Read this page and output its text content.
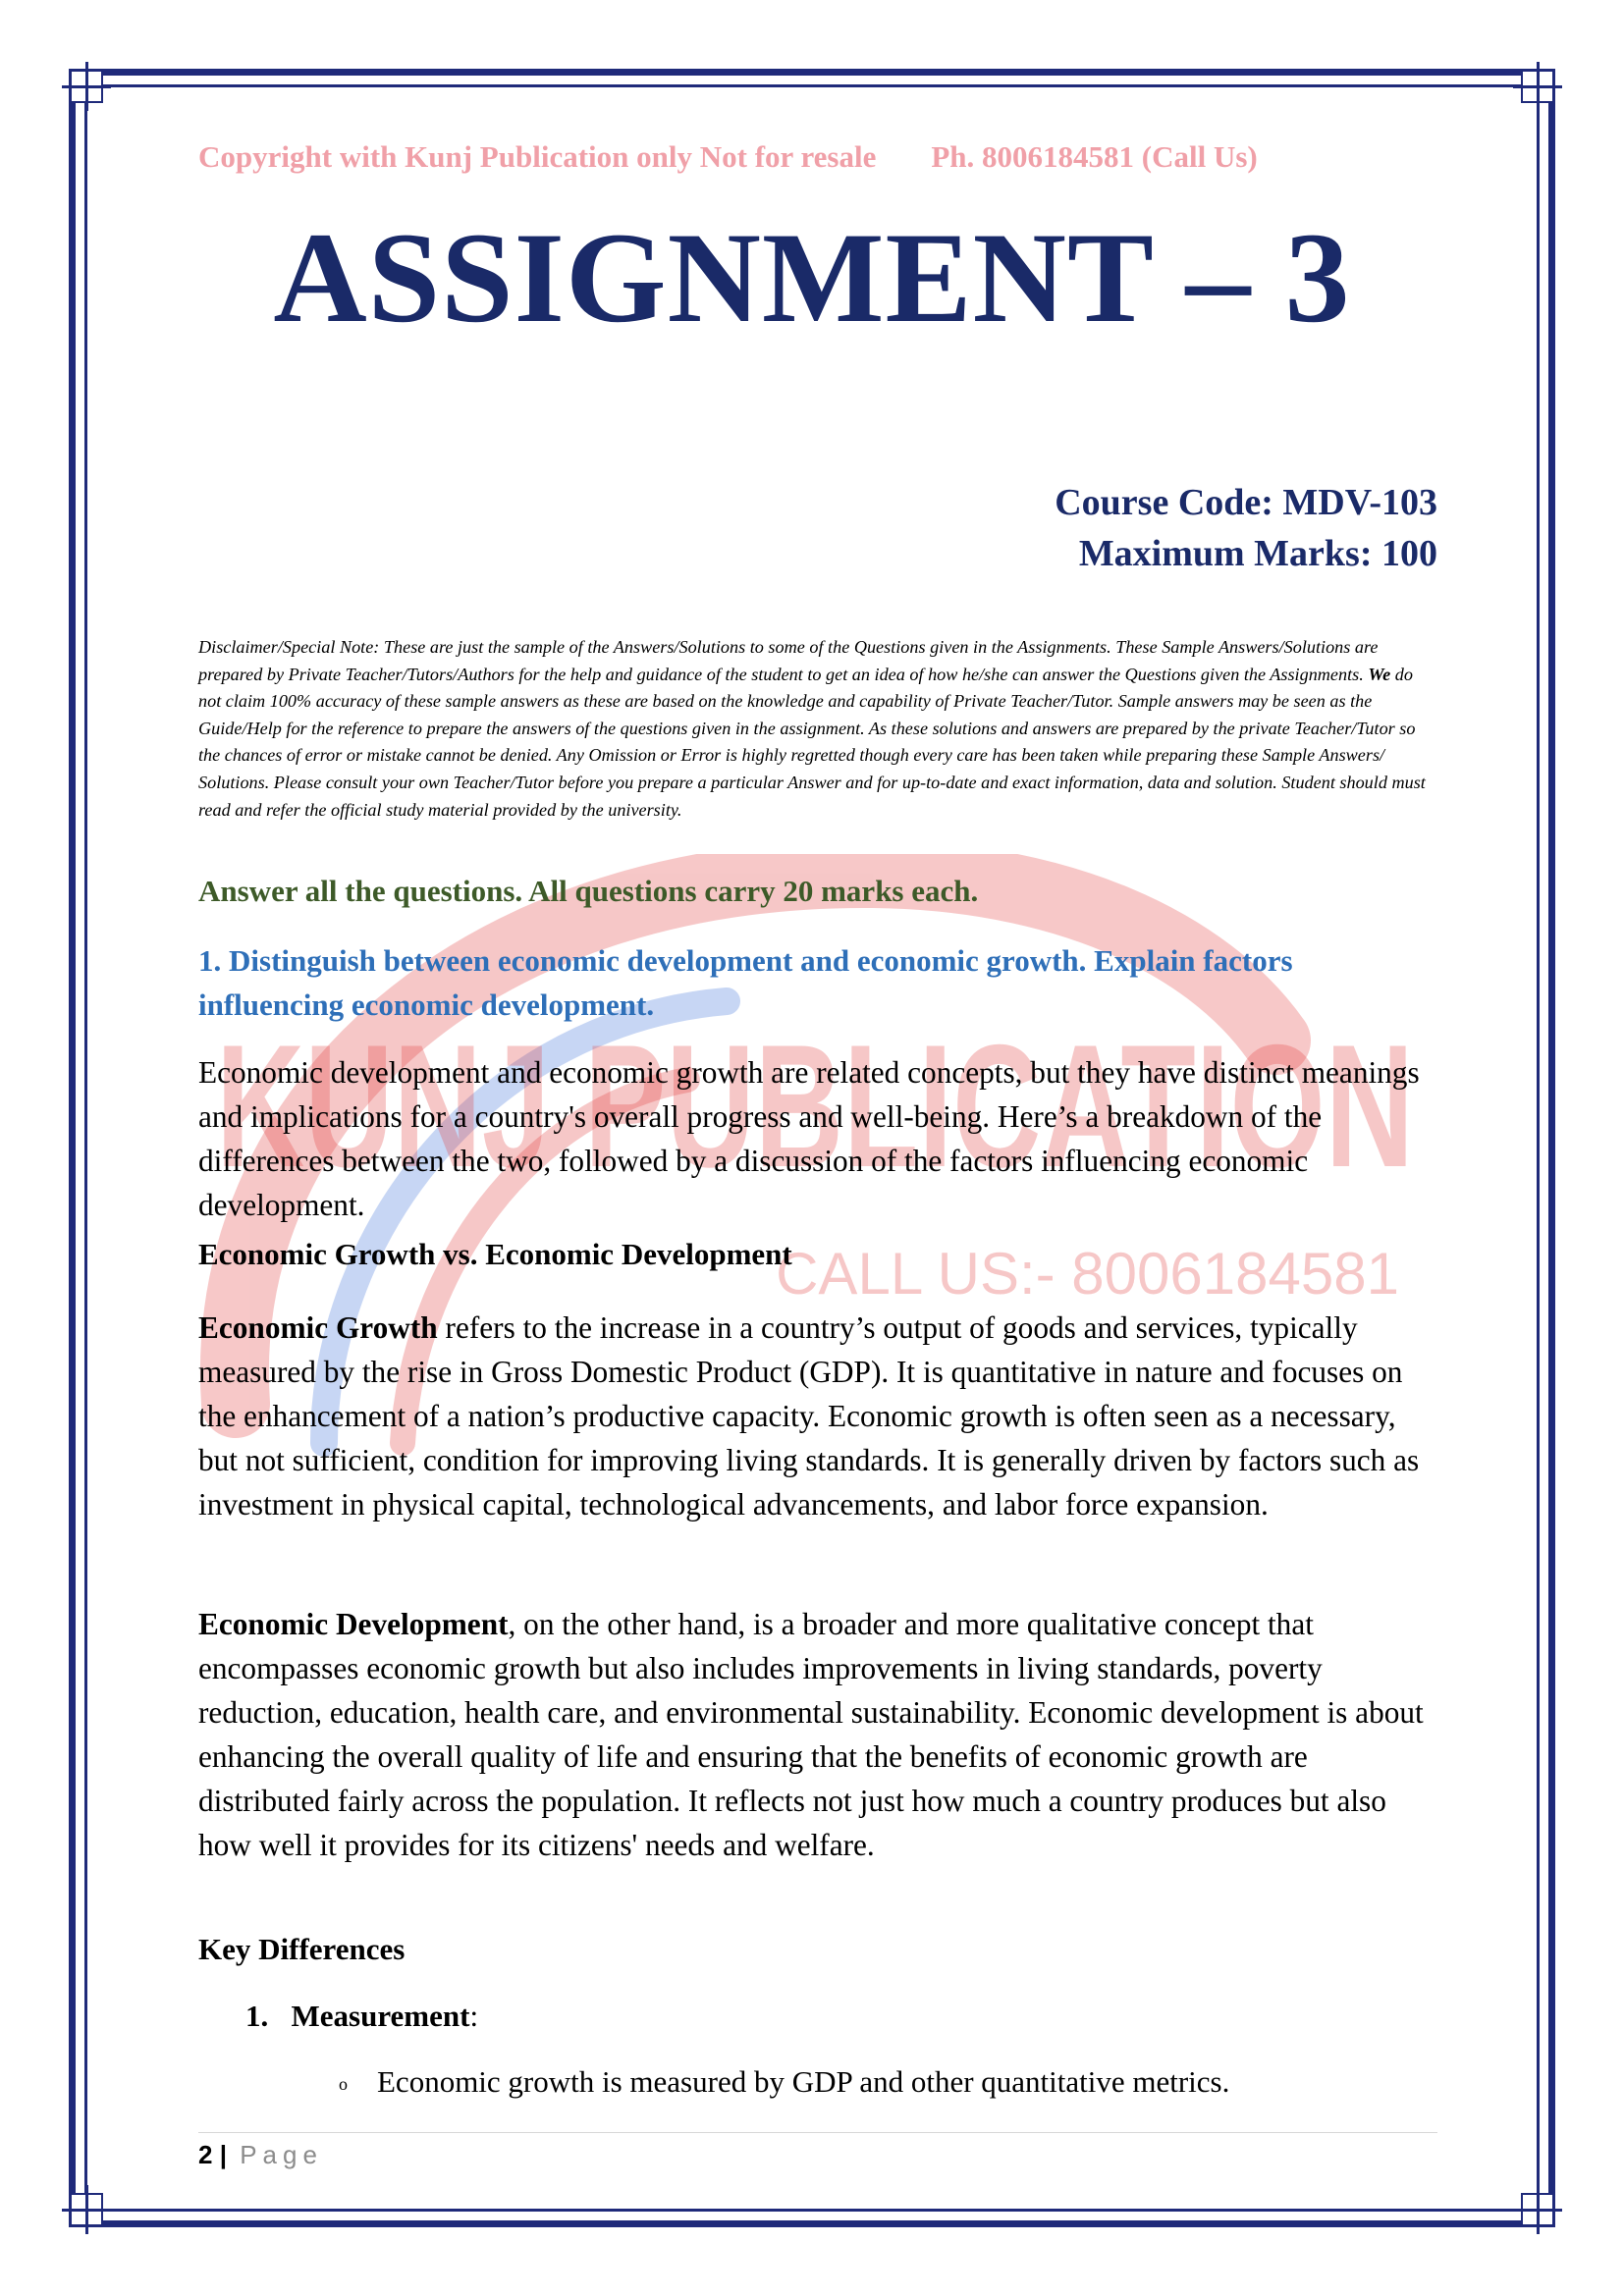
KUNJ PUBLICATION
CALL US:- 8006184581
Copyright with Kunj Publication only Not for resale Ph. 8006184581 (Call Us)
ASSIGNMENT – 3
Course Code: MDV-103
Maximum Marks: 100

Disclaimer/Special Note: These are just the sample of the Answers/Solutions to some of the Questions given in the Assignments. These Sample Answers/Solutions are prepared by Private Teacher/Tutors/Authors for the help and guidance of the student to get an idea of how he/she can answer the Questions given the Assignments. We do not claim 100% accuracy of these sample answers as these are based on the knowledge and capability of Private Teacher/Tutor. Sample answers may be seen as the Guide/Help for the reference to prepare the answers of the questions given in the assignment. As these solutions and answers are prepared by the private Teacher/Tutor so the chances of error or mistake cannot be denied. Any Omission or Error is highly regretted though every care has been taken while preparing these Sample Answers/ Solutions. Please consult your own Teacher/Tutor before you prepare a particular Answer and for up-to-date and exact information, data and solution. Student should must read and refer the official study material provided by the university.

Answer all the questions. All questions carry 20 marks each.

1. Distinguish between economic development and economic growth. Explain factors influencing economic development.

Economic development and economic growth are related concepts, but they have distinct meanings and implications for a country's overall progress and well-being. Here’s a breakdown of the differences between the two, followed by a discussion of the factors influencing economic development.

Economic Growth vs. Economic Development

Economic Growth refers to the increase in a country’s output of goods and services, typically measured by the rise in Gross Domestic Product (GDP). It is quantitative in nature and focuses on the enhancement of a nation’s productive capacity. Economic growth is often seen as a necessary, but not sufficient, condition for improving living standards. It is generally driven by factors such as investment in physical capital, technological advancements, and labor force expansion.

Economic Development, on the other hand, is a broader and more qualitative concept that encompasses economic growth but also includes improvements in living standards, poverty reduction, education, health care, and environmental sustainability. Economic development is about enhancing the overall quality of life and ensuring that the benefits of economic growth are distributed fairly across the population. It reflects not just how much a country produces but also how well it provides for its citizens' needs and welfare.

Key Differences

1. Measurement:

o Economic growth is measured by GDP and other quantitative metrics.

2 | Page
